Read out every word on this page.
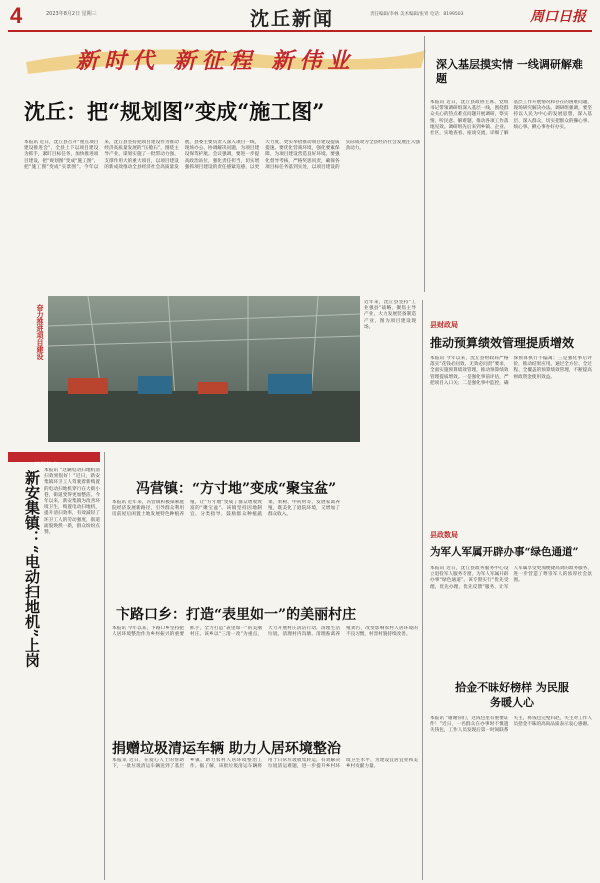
4	2023年8月2日 星期三	沈丘新闻	责任编辑/李林 美术编辑/张胃 电话：8199503	周口日报
新时代 新征程 新伟业
沈丘：把“规划图”变成“施工图”
本报讯 近日，沈丘县召开“重点项目建设推进会”，全县上下以项目建设为抓手，紧盯目标任务，加快推进项目建设，把“规划图”变成“施工图”、把“施工图”变成“实景图”。今年以来，沈丘县坚持把项目建设作为推动经济高质量发展的“压舱石”，围绕主导产业，谋划实施了一批带动力强、支撑作用大的重大项目，以项目建设的新成效推动全县经济社会高质量发展。县委主要负责人深入项目一线，现场办公、协调解决问题，为项目建设保驾护航。会议强调，要进一步提高政治站位，强化责任担当，切实增强抓项目建设的责任感紧迫感，以更大力度、更实举措推动项目建设提质提速。要优化营商环境，强化要素保障，为项目建设营造良好环境。要强化督导考核，严格奖惩问责，确保各项目标任务落到实处，以项目建设的实际成效为全县经济社会发展注入强劲动力。
深入基层摸实情 一线调研解难题
本报讯 近日，沈丘县政协主席、党组书记带领调研组深入基层一线，围绕群众关心的热点难点问题开展调研，察实情、听民意、解难题，推动各项工作落地见效。调研组先后来到乡镇、企业、社区，实地查看、座谈交流，详细了解基层工作开展情况和存在的困难问题，现场研究解决办法。调研组强调，要坚持以人民为中心的发展思想，深入基层、深入群众，切实把群众的操心事、烦心事、揪心事办好办实。
奋力推进项目建设
近年来，沈丘县坚持“工业强县”战略，聚焦主导产业，大力发展装备制造产业，图为项目建设现场。
基层传真
新安集镇：“电动扫地机”上岗 本报讯 “这辆电动扫地机清扫效果很好！”近日，新安集镇环卫工人驾驶着新购置的电动扫地机穿行在大街小巷，街道变得更加整洁。今年以来，新安集镇为改善环境卫生，购置电动扫地机，提升清扫效率，有效减轻了环卫工人的劳动强度，街道面貌焕然一新，群众纷纷点赞。
冯营镇：“方寸地”变成“聚宝盆”
本报讯 近年来，冯营镇积极探索庭院经济发展新路径，引导群众利用房前屋后闲置土地发展特色种植养殖，让“方寸地”变成了群众增收致富的“聚宝盆”。该镇坚持因地制宜、分类指导，鼓励群众种植蔬菜、果树、中药材等，发展家禽养殖，既美化了庭院环境，又增加了群众收入。
卞路口乡：打造“表里如一”的美丽村庄
本报讯 今年以来，卞路口乡坚持把人居环境整治作为乡村振兴的重要抓手，全力打造“表里如一”的美丽村庄。该乡以“三清一改”为重点，大力开展村庄清洁行动，清理生活垃圾、清理村内沟塘、清理畜禽养殖粪污，改变影响农村人居环境的不良习惯，村容村貌持续改善。
捐赠垃圾清运车辆 助力人居环境整治
本报讯 近日，在爱心人士的帮助下，一批垃圾清运车辆送到了基层乡镇，助力农村人居环境整治工作。据了解，该批垃圾清运车辆将用于日常垃圾收集转运，有效解决垃圾清运难题，进一步提升乡村环境卫生水平，为建设宜居宜业和美乡村贡献力量。
县财政局
推动预算绩效管理提质增效
本报讯 今年以来，沈丘县财政局严格落实“花钱必问效、无效必问责”要求，全面实施预算绩效管理，推动预算绩效管理提质增效。一是强化事前评估，严把项目入口关；二是强化事中监控，确保预算执行不偏离；三是强化事后评价，推动结果应用。通过全方位、全过程、全覆盖的预算绩效管理，不断提高财政资金使用效益。
县政数局
为军人军属开辟办事“绿色通道”
本报讯 近日，沈丘县政务服务中心设立退役军人服务专窗，为军人军属开辟办事“绿色通道”。该专窗实行“优先受理、优先办理、优先反馈”服务，让军人军属享受更加便捷高效的政务服务，进一步营造了尊崇军人的浓厚社会氛围。
拾金不昧好榜样 为民服务暖人心
本报讯 “谢谢你们，这钱包里有重要证件！”近日，一名群众在办事时不慎遗失钱包，工作人员发现后第一时间联系失主，将钱包完璧归赵，失主对工作人员拾金不昧的高尚品质表示衷心感谢。
